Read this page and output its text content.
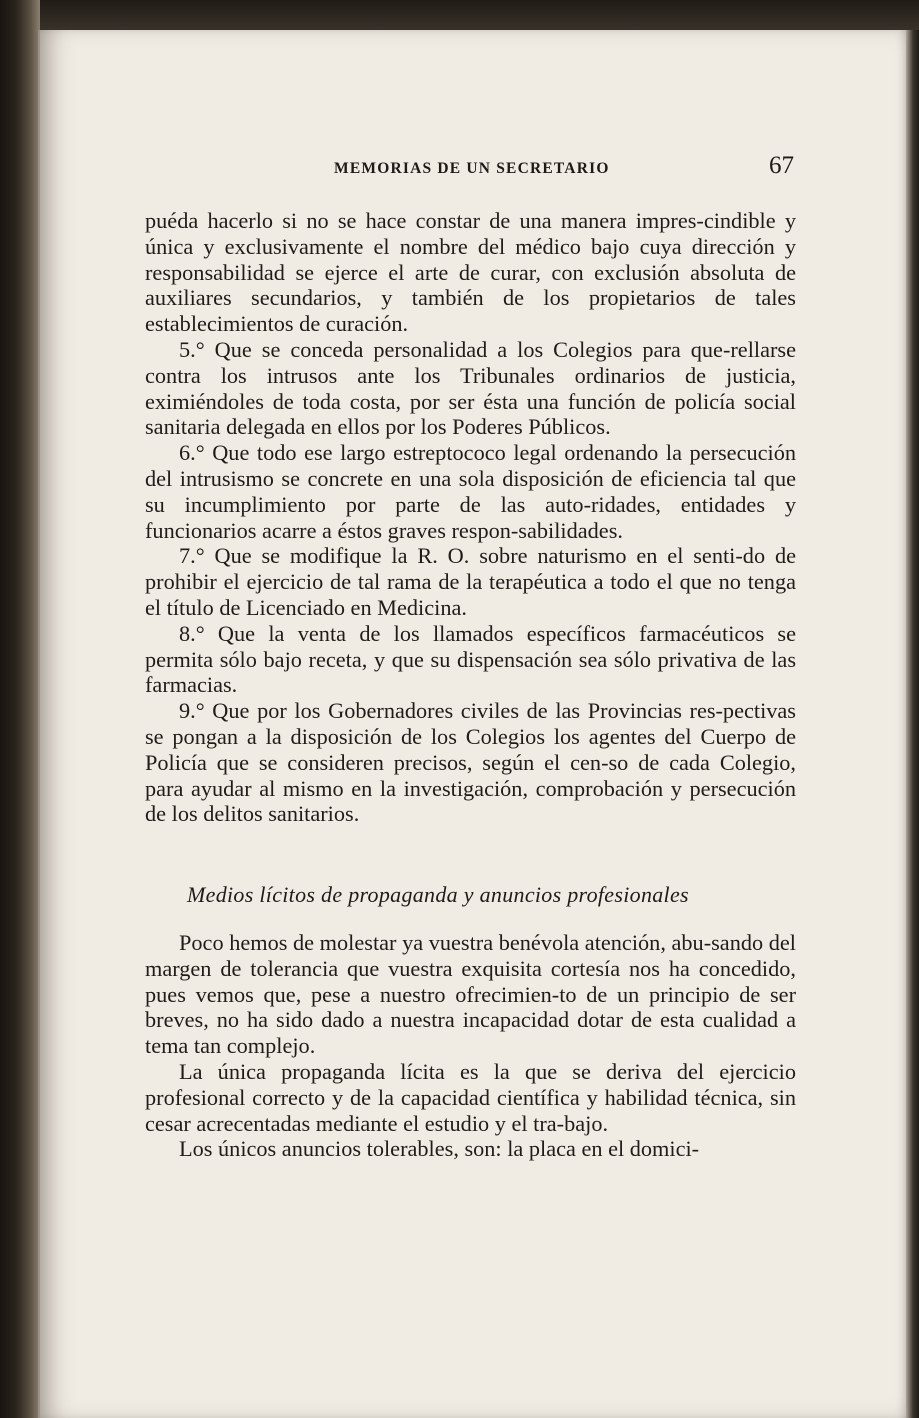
MEMORIAS DE UN SECRETARIO	67

puéda hacerlo si no se hace constar de una manera impres-cindible y única y exclusivamente el nombre del médico bajo cuya dirección y responsabilidad se ejerce el arte de curar, con exclusión absoluta de auxiliares secundarios, y también de los propietarios de tales establecimientos de curación.

5.° Que se conceda personalidad a los Colegios para que-rellarse contra los intrusos ante los Tribunales ordinarios de justicia, eximiéndoles de toda costa, por ser ésta una función de policía social sanitaria delegada en ellos por los Poderes Públicos.

6.° Que todo ese largo estreptococo legal ordenando la persecución del intrusismo se concrete en una sola disposición de eficiencia tal que su incumplimiento por parte de las auto-ridades, entidades y funcionarios acarre a éstos graves respon-sabilidades.

7.° Que se modifique la R. O. sobre naturismo en el senti-do de prohibir el ejercicio de tal rama de la terapéutica a todo el que no tenga el título de Licenciado en Medicina.

8.° Que la venta de los llamados específicos farmacéuticos se permita sólo bajo receta, y que su dispensación sea sólo privativa de las farmacias.

9.° Que por los Gobernadores civiles de las Provincias res-pectivas se pongan a la disposición de los Colegios los agentes del Cuerpo de Policía que se consideren precisos, según el cen-so de cada Colegio, para ayudar al mismo en la investigación, comprobación y persecución de los delitos sanitarios.

Medios lícitos de propaganda y anuncios profesionales

Poco hemos de molestar ya vuestra benévola atención, abu-sando del margen de tolerancia que vuestra exquisita cortesía nos ha concedido, pues vemos que, pese a nuestro ofrecimien-to de un principio de ser breves, no ha sido dado a nuestra incapacidad dotar de esta cualidad a tema tan complejo.

La única propaganda lícita es la que se deriva del ejercicio profesional correcto y de la capacidad científica y habilidad técnica, sin cesar acrecentadas mediante el estudio y el tra-bajo.

Los únicos anuncios tolerables, son: la placa en el domici-
